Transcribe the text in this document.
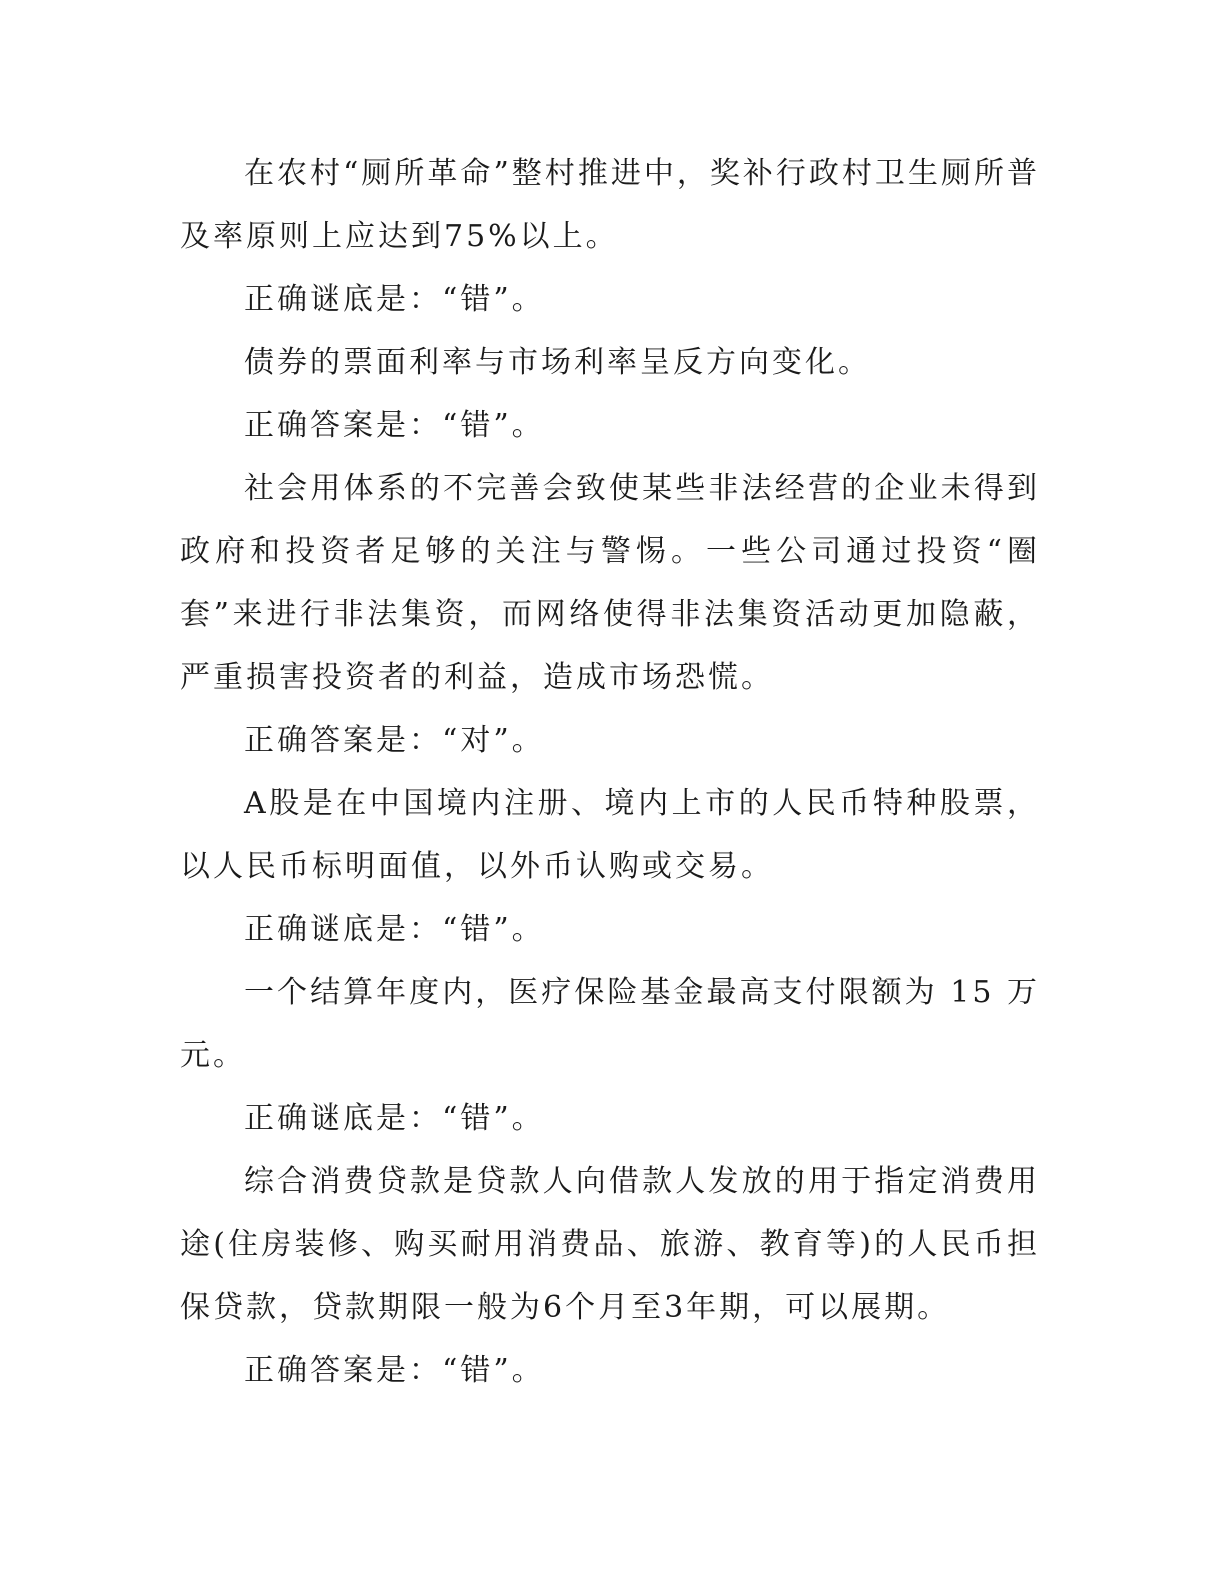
在农村“厕所革命”整村推进中，奖补行政村卫生厕所普及率原则上应达到75%以上。

正确谜底是：“错”。

债券的票面利率与市场利率呈反方向变化。

正确答案是：“错”。

社会用体系的不完善会致使某些非法经营的企业未得到政府和投资者足够的关注与警惕。一些公司通过投资“圈套”来进行非法集资，而网络使得非法集资活动更加隐蔽，严重损害投资者的利益，造成市场恐慌。

正确答案是：“对”。

A股是在中国境内注册、境内上市的人民币特种股票，以人民币标明面值，以外币认购或交易。

正确谜底是：“错”。

一个结算年度内，医疗保险基金最高支付限额为 15 万元。

正确谜底是：“错”。

综合消费贷款是贷款人向借款人发放的用于指定消费用途(住房装修、购买耐用消费品、旅游、教育等)的人民币担保贷款，贷款期限一般为6个月至3年期，可以展期。

正确答案是：“错”。
